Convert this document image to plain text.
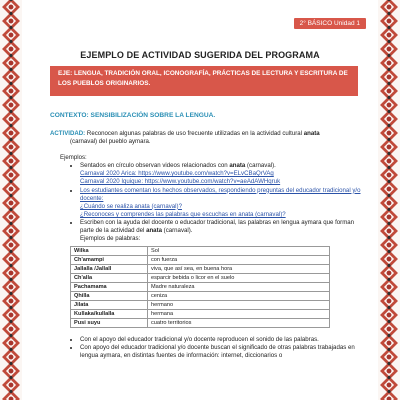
2° BÁSICO Unidad 1
EJEMPLO DE ACTIVIDAD SUGERIDA DEL PROGRAMA
EJE: LENGUA, TRADICIÓN ORAL, ICONOGRAFÍA, PRÁCTICAS DE LECTURA Y ESCRITURA DE LOS PUEBLOS ORIGINARIOS.
CONTEXTO: SENSIBILIZACIÓN SOBRE LA LENGUA.
ACTIVIDAD: Reconocen algunas palabras de uso frecuente utilizadas en la actividad cultural anata
(carnaval) del pueblo aymara.
Ejemplos:
• Sentados en círculo observan videos relacionados con anata (carnaval).
Carnaval 2020 Arica: https://www.youtube.com/watch?v=ELvCBaQrVAg
Carnaval 2020 Iquique: https://www.youtube.com/watch?v=aeAdAWHqruk
• Los estudiantes comentan los hechos observados, respondiendo preguntas del educador tradicional y/o docente:
¿Cuándo se realiza anata (carnaval)?
¿Reconoces y comprendes las palabras que escuchas en anata (carnaval)?
• Escriben con la ayuda del docente o educador tradicional, las palabras en lengua aymara que forman parte de la actividad del anata (carnaval).
Ejemplos de palabras:
Wilka	Sol
Ch'amampi	con fuerza
Jallalla /Jallall	viva, que así sea, en buena hora
Ch'alla	esparcir bebida o licor en el suelo
Pachamama	Madre naturaleza
Qhilla	ceniza
Jilata	hermano
Kullaka/kullalla	hermana
Pusi suyu	cuatro territorios
• Con el apoyo del educador tradicional y/o docente reproducen el sonido de las palabras.
• Con apoyo del educador tradicional y/o docente buscan el significado de otras palabras trabajadas en lengua aymara, en distintas fuentes de información: internet, diccionarios o
